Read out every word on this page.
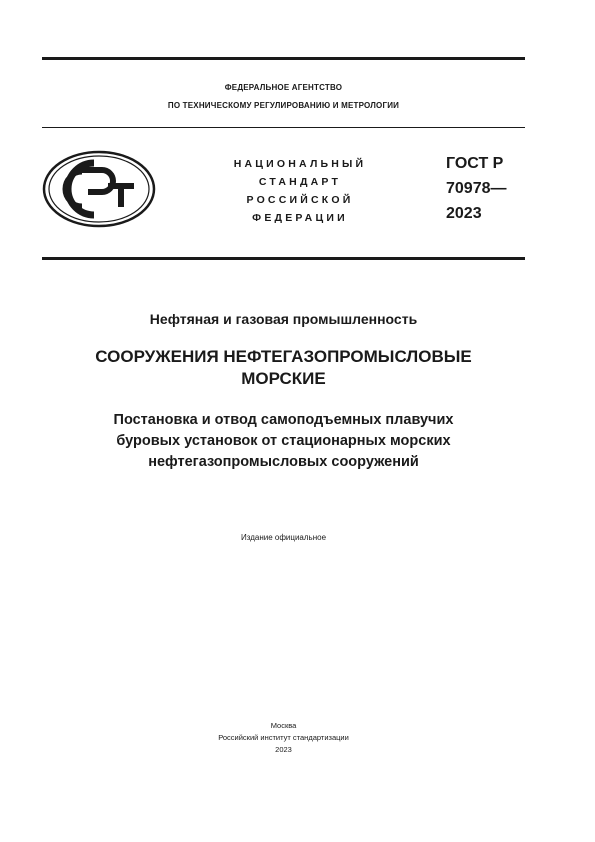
ФЕДЕРАЛЬНОЕ АГЕНТСТВО
ПО ТЕХНИЧЕСКОМУ РЕГУЛИРОВАНИЮ И МЕТРОЛОГИИ
НАЦИОНАЛЬНЫЙ
СТАНДАРТ
РОССИЙСКОЙ
ФЕДЕРАЦИИ
ГОСТ Р
70978—
2023
Нефтяная и газовая промышленность
СООРУЖЕНИЯ НЕФТЕГАЗОПРОМЫСЛОВЫЕ
МОРСКИЕ
Постановка и отвод самоподъемных плавучих
буровых установок от стационарных морских
нефтегазопромысловых сооружений
Издание официальное
Москва
Российский институт стандартизации
2023
